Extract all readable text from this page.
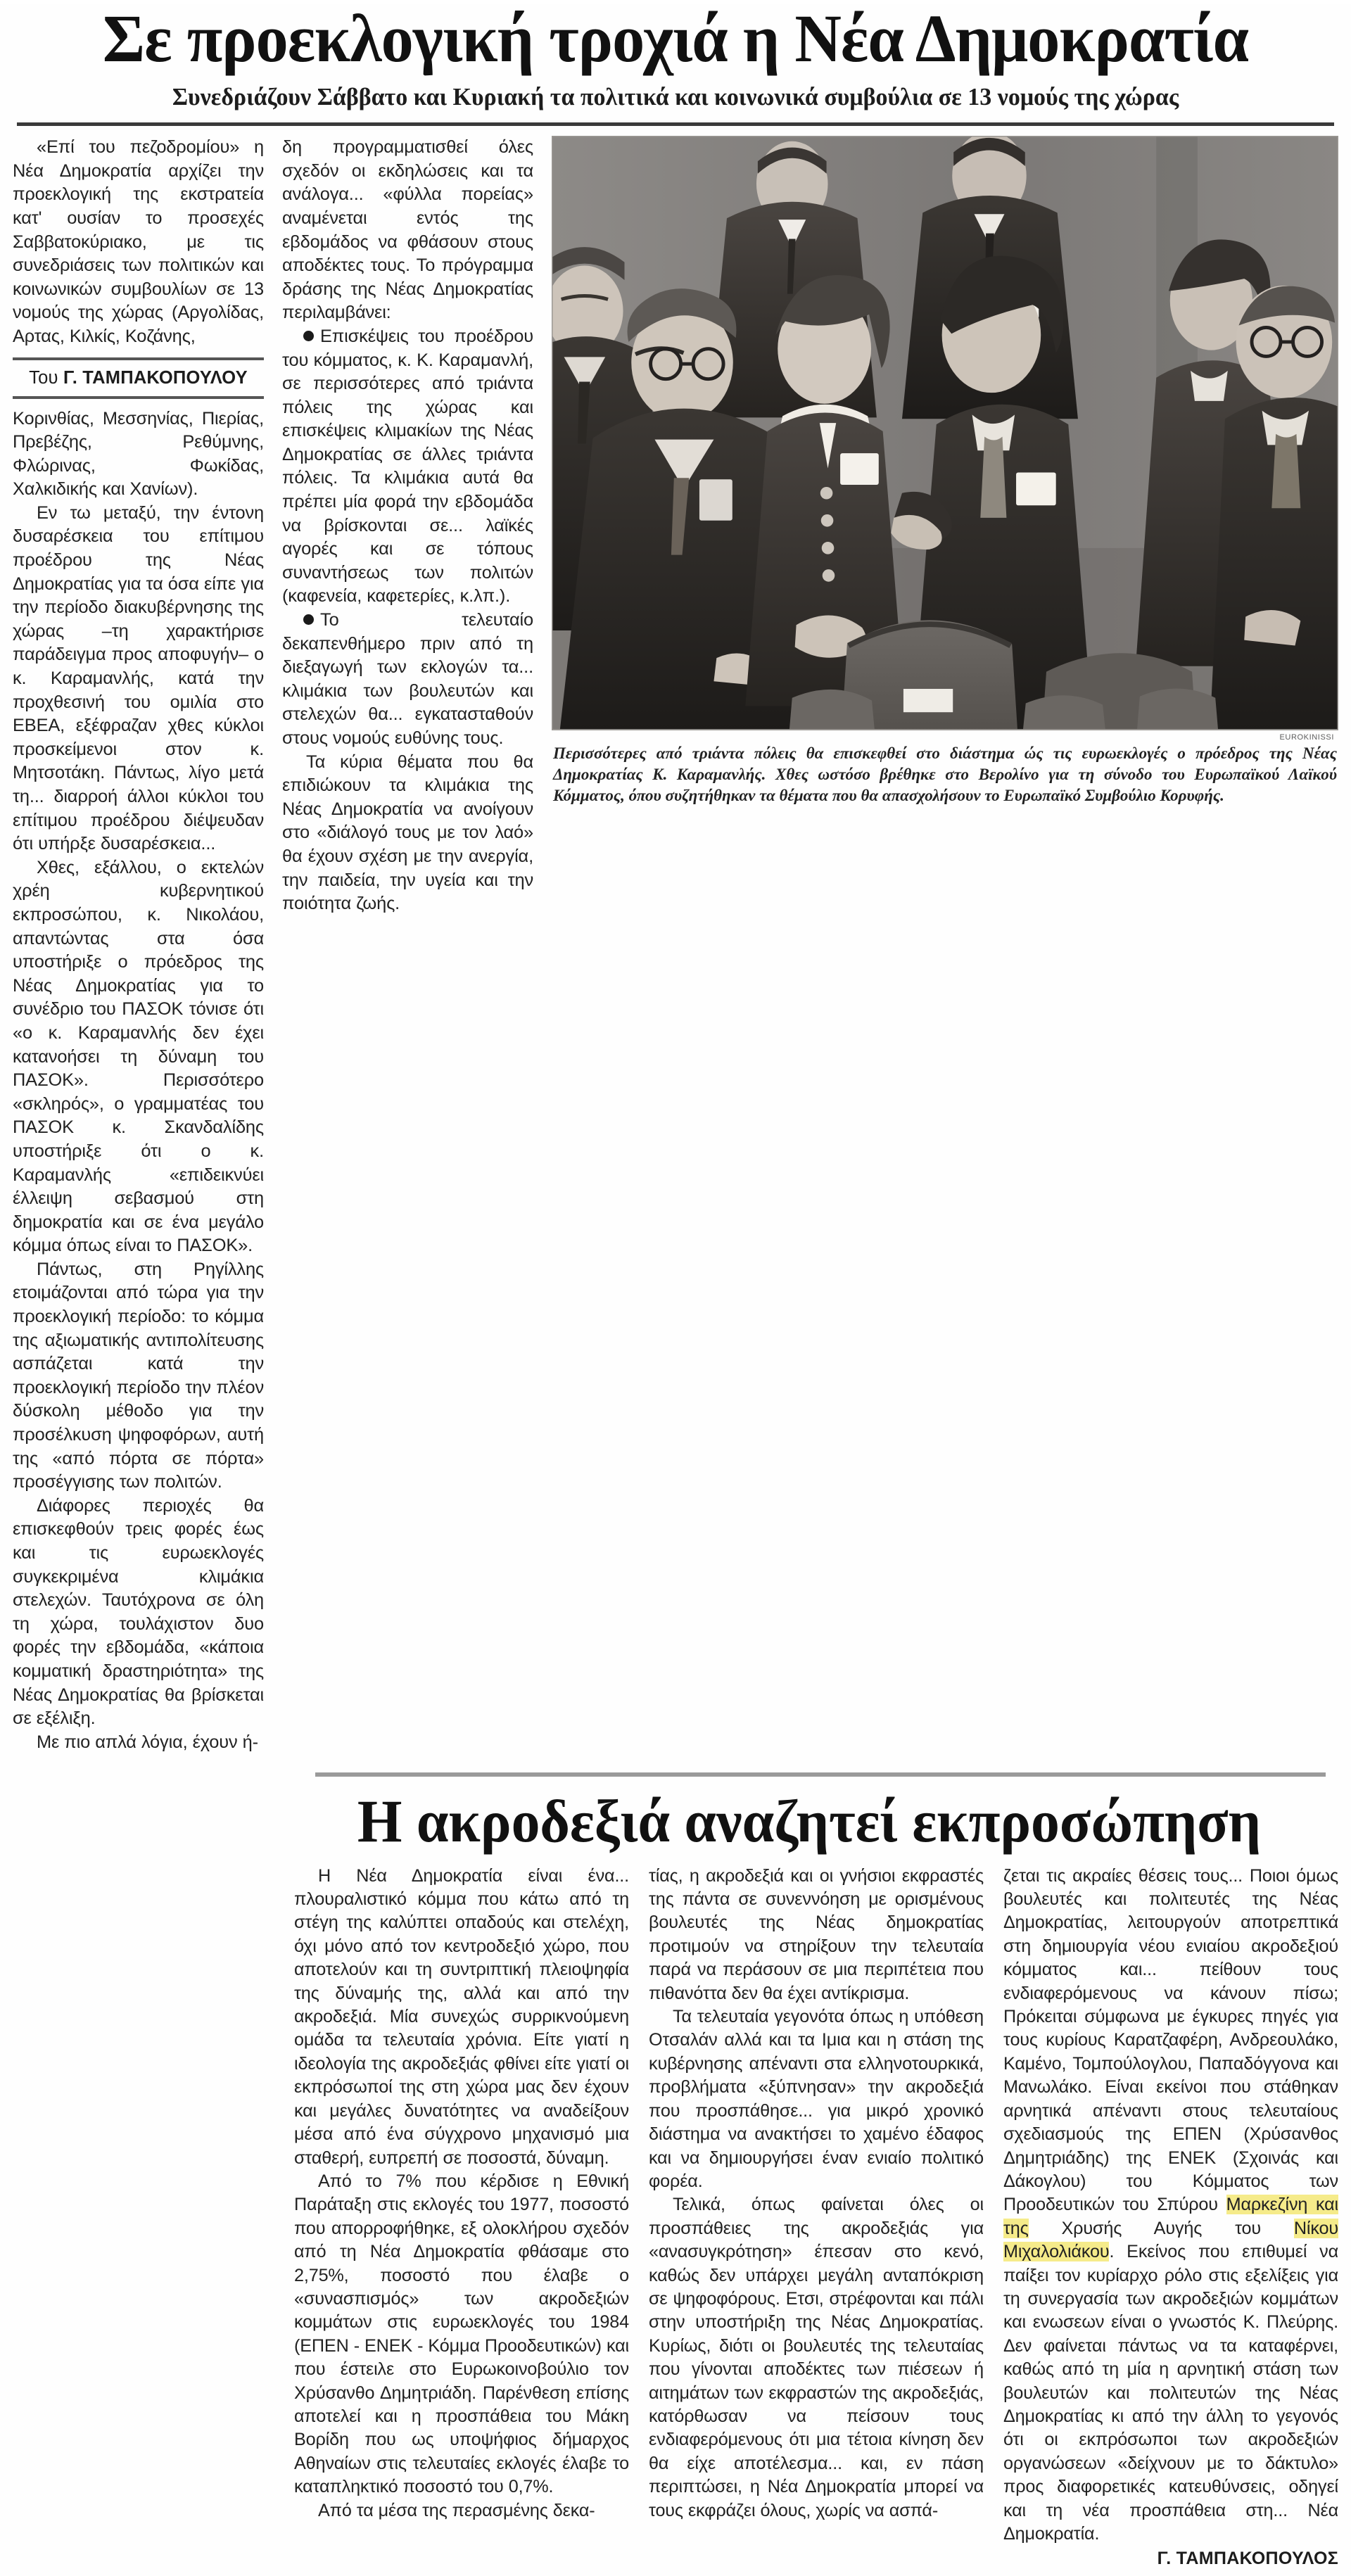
Σε προεκλογική τροχιά η Νέα Δημοκρατία
Συνεδριάζουν Σάββατο και Κυριακή τα πολιτικά και κοινωνικά συμβούλια σε 13 νομούς της χώρας

«Επί του πεζοδρομίου» η Νέα Δημοκρατία αρχίζει την προεκλογική της εκστρατεία κατ' ουσίαν το προσεχές Σαββατοκύριακο, με τις συνεδριάσεις των πολιτικών και κοινωνικών συμβουλίων σε 13 νομούς της χώρας (Αργολίδας, Αρτας, Κιλκίς, Κοζάνης,

Του Γ. ΤΑΜΠΑΚΟΠΟΥΛΟΥ

Κορινθίας, Μεσσηνίας, Πιερίας, Πρεβέζης, Ρεθύμνης, Φλώρινας, Φωκίδας, Χαλκιδικής και Χανίων).

Εν τω μεταξύ, την έντονη δυσαρέσκεια του επίτιμου προέδρου της Νέας Δημοκρατίας για τα όσα είπε για την περίοδο διακυβέρνησης της χώρας –τη χαρακτήρισε παράδειγμα προς αποφυγήν– ο κ. Καραμανλής, κατά την προχθεσινή του ομιλία στο ΕΒΕΑ, εξέφραζαν χθες κύκλοι προσκείμενοι στον κ. Μητσοτάκη. Πάντως, λίγο μετά τη... διαρροή άλλοι κύκλοι του επίτιμου προέδρου διέψευδαν ότι υπήρξε δυσαρέσκεια...

Χθες, εξάλλου, ο εκτελών χρέη κυβερνητικού εκπροσώπου, κ. Νικολάου, απαντώντας στα όσα υποστήριξε ο πρόεδρος της Νέας Δημοκρατίας για το συνέδριο του ΠΑΣΟΚ τόνισε ότι «ο κ. Καραμανλής δεν έχει κατανοήσει τη δύναμη του ΠΑΣΟΚ». Περισσότερο «σκληρός», ο γραμματέας του ΠΑΣΟΚ κ. Σκανδαλίδης υποστήριξε ότι ο κ. Καραμανλής «επιδεικνύει έλλειψη σεβασμού στη δημοκρατία και σε ένα μεγάλο κόμμα όπως είναι το ΠΑΣΟΚ».

Πάντως, στη Ρηγίλλης ετοιμάζονται από τώρα για την προεκλογική περίοδο: το κόμμα της αξιωματικής αντιπολίτευσης ασπάζεται κατά την προεκλογική περίοδο την πλέον δύσκολη μέθοδο για την προσέλκυση ψηφοφόρων, αυτή της «από πόρτα σε πόρτα» προσέγγισης των πολιτών.

Διάφορες περιοχές θα επισκεφθούν τρεις φορές έως και τις ευρωεκλογές συγκεκριμένα κλιμάκια στελεχών. Ταυτόχρονα σε όλη τη χώρα, τουλάχιστον δυο φορές την εβδομάδα, «κάποια κομματική δραστηριότητα» της Νέας Δημοκρατίας θα βρίσκεται σε εξέλιξη.

Με πιο απλά λόγια, έχουν ή-

δη προγραμματισθεί όλες σχεδόν οι εκδηλώσεις και τα ανάλογα... «φύλλα πορείας» αναμένεται εντός της εβδομάδος να φθάσουν στους αποδέκτες τους. Το πρόγραμμα δράσης της Νέας Δημοκρατίας περιλαμβάνει:

Επισκέψεις του προέδρου του κόμματος, κ. Κ. Καραμανλή, σε περισσότερες από τριάντα πόλεις της χώρας και επισκέψεις κλιμακίων της Νέας Δημοκρατίας σε άλλες τριάντα πόλεις. Τα κλιμάκια αυτά θα πρέπει μία φορά την εβδομάδα να βρίσκονται σε... λαϊκές αγορές και σε τόπους συναντήσεως των πολιτών (καφενεία, καφετερίες, κ.λπ.).

Το τελευταίο δεκαπενθήμερο πριν από τη διεξαγωγή των εκλογών τα... κλιμάκια των βουλευτών και στελεχών θα... εγκατασταθούν στους νομούς ευθύνης τους.

Τα κύρια θέματα που θα επιδιώκουν τα κλιμάκια της Νέας Δημοκρατία να ανοίγουν στο «διάλογό τους με τον λαό» θα έχουν σχέση με την ανεργία, την παιδεία, την υγεία και την ποιότητα ζωής.

EUROKINISSI
Περισσότερες από τριάντα πόλεις θα επισκεφθεί στο διάστημα ώς τις ευρωεκλογές ο πρόεδρος της Νέας Δημοκρατίας Κ. Καραμανλής. Χθες ωστόσο βρέθηκε στο Βερολίνο για τη σύνοδο του Ευρωπαϊκού Λαϊκού Κόμματος, όπου συζητήθηκαν τα θέματα που θα απασχολήσουν το Ευρωπαϊκό Συμβούλιο Κορυφής.
Η ακροδεξιά αναζητεί εκπροσώπηση

Η Νέα Δημοκρατία είναι ένα... πλουραλιστικό κόμμα που κάτω από τη στέγη της καλύπτει οπαδούς και στελέχη, όχι μόνο από τον κεντροδεξιό χώρο, που αποτελούν και τη συντριπτική πλειοψηφία της δύναμής της, αλλά και από την ακροδεξιά. Μία συνεχώς συρρικνούμενη ομάδα τα τελευταία χρόνια. Είτε γιατί η ιδεολογία της ακροδεξιάς φθίνει είτε γιατί οι εκπρόσωποί της στη χώρα μας δεν έχουν και μεγάλες δυνατότητες να αναδείξουν μέσα από ένα σύγχρονο μηχανισμό μια σταθερή, ευπρεπή σε ποσοστά, δύναμη.

Από το 7% που κέρδισε η Εθνική Παράταξη στις εκλογές του 1977, ποσοστό που απορροφήθηκε, εξ ολοκλήρου σχεδόν από τη Νέα Δημοκρατία φθάσαμε στο 2,75%, ποσοστό που έλαβε ο «συνασπισμός» των ακροδεξιών κομμάτων στις ευρωεκλογές του 1984 (ΕΠΕΝ - ΕΝΕΚ - Κόμμα Προοδευτικών) και που έστειλε στο Ευρωκοινοβούλιο τον Χρύσανθο Δημητριάδη. Παρένθεση επίσης αποτελεί και η προσπάθεια του Μάκη Βορίδη που ως υποψήφιος δήμαρχος Αθηναίων στις τελευταίες εκλογές έλαβε το καταπληκτικό ποσοστό του 0,7%.

Από τα μέσα της περασμένης δεκα-

τίας, η ακροδεξιά και οι γνήσιοι εκφραστές της πάντα σε συνεννόηση με ορισμένους βουλευτές της Νέας δημοκρατίας προτιμούν να στηρίξουν την τελευταία παρά να περάσουν σε μια περιπέτεια που πιθανόττα δεν θα έχει αντίκρισμα.

Τα τελευταία γεγονότα όπως η υπόθεση Οτσαλάν αλλά και τα Ιμια και η στάση της κυβέρνησης απέναντι στα ελληνοτουρκικά, προβλήματα «ξύπνησαν» την ακροδεξιά που προσπάθησε... για μικρό χρονικό διάστημα να ανακτήσει το χαμένο έδαφος και να δημιουργήσει έναν ενιαίο πολιτικό φορέα.

Τελικά, όπως φαίνεται όλες οι προσπάθειες της ακροδεξιάς για «ανασυγκρότηση» έπεσαν στο κενό, καθώς δεν υπάρχει μεγάλη ανταπόκριση σε ψηφοφόρους. Ετσι, στρέφονται και πάλι στην υποστήριξη της Νέας Δημοκρατίας. Κυρίως, διότι οι βουλευτές της τελευταίας που γίνονται αποδέκτες των πιέσεων ή αιτημάτων των εκφραστών της ακροδεξιάς, κατόρθωσαν να πείσουν τους ενδιαφερόμενους ότι μια τέτοια κίνηση δεν θα είχε αποτέλεσμα... και, εν πάση περιπτώσει, η Νέα Δημοκρατία μπορεί να τους εκφράζει όλους, χωρίς να ασπά-

ζεται τις ακραίες θέσεις τους... Ποιοι όμως βουλευτές και πολιτευτές της Νέας Δημοκρατίας, λειτουργούν αποτρεπτικά στη δημιουργία νέου ενιαίου ακροδεξιού κόμματος και... πείθουν τους ενδιαφερόμενους να κάνουν πίσω; Πρόκειται σύμφωνα με έγκυρες πηγές για τους κυρίους Καρατζαφέρη, Ανδρεουλάκο, Καμένο, Τομπούλογλου, Παπαδόγγονα και Μανωλάκο. Είναι εκείνοι που στάθηκαν αρνητικά απέναντι στους τελευταίους σχεδιασμούς της ΕΠΕΝ (Χρύσανθος Δημητριάδης) της ΕΝΕΚ (Σχοινάς και Δάκογλου) του Κόμματος των Προοδευτικών του Σπύρου Μαρκεζίνη και της Χρυσής Αυγής του Νίκου Μιχαλολιάκου. Εκείνος που επιθυμεί να παίξει τον κυρίαρχο ρόλο στις εξελίξεις για τη συνεργασία των ακροδεξιών κομμάτων και ενωσεων είναι ο γνωστός Κ. Πλεύρης. Δεν φαίνεται πάντως να τα καταφέρνει, καθώς από τη μία η αρνητική στάση των βουλευτών και πολιτευτών της Νέας Δημοκρατίας κι από την άλλη το γεγονός ότι οι εκπρόσωποι των ακροδεξιών οργανώσεων «δείχνουν με το δάκτυλο» προς διαφορετικές κατευθύνσεις, οδηγεί και τη νέα προσπάθεια στη... Νέα Δημοκρατία.

Γ. ΤΑΜΠΑΚΟΠΟΥΛΟΣ
